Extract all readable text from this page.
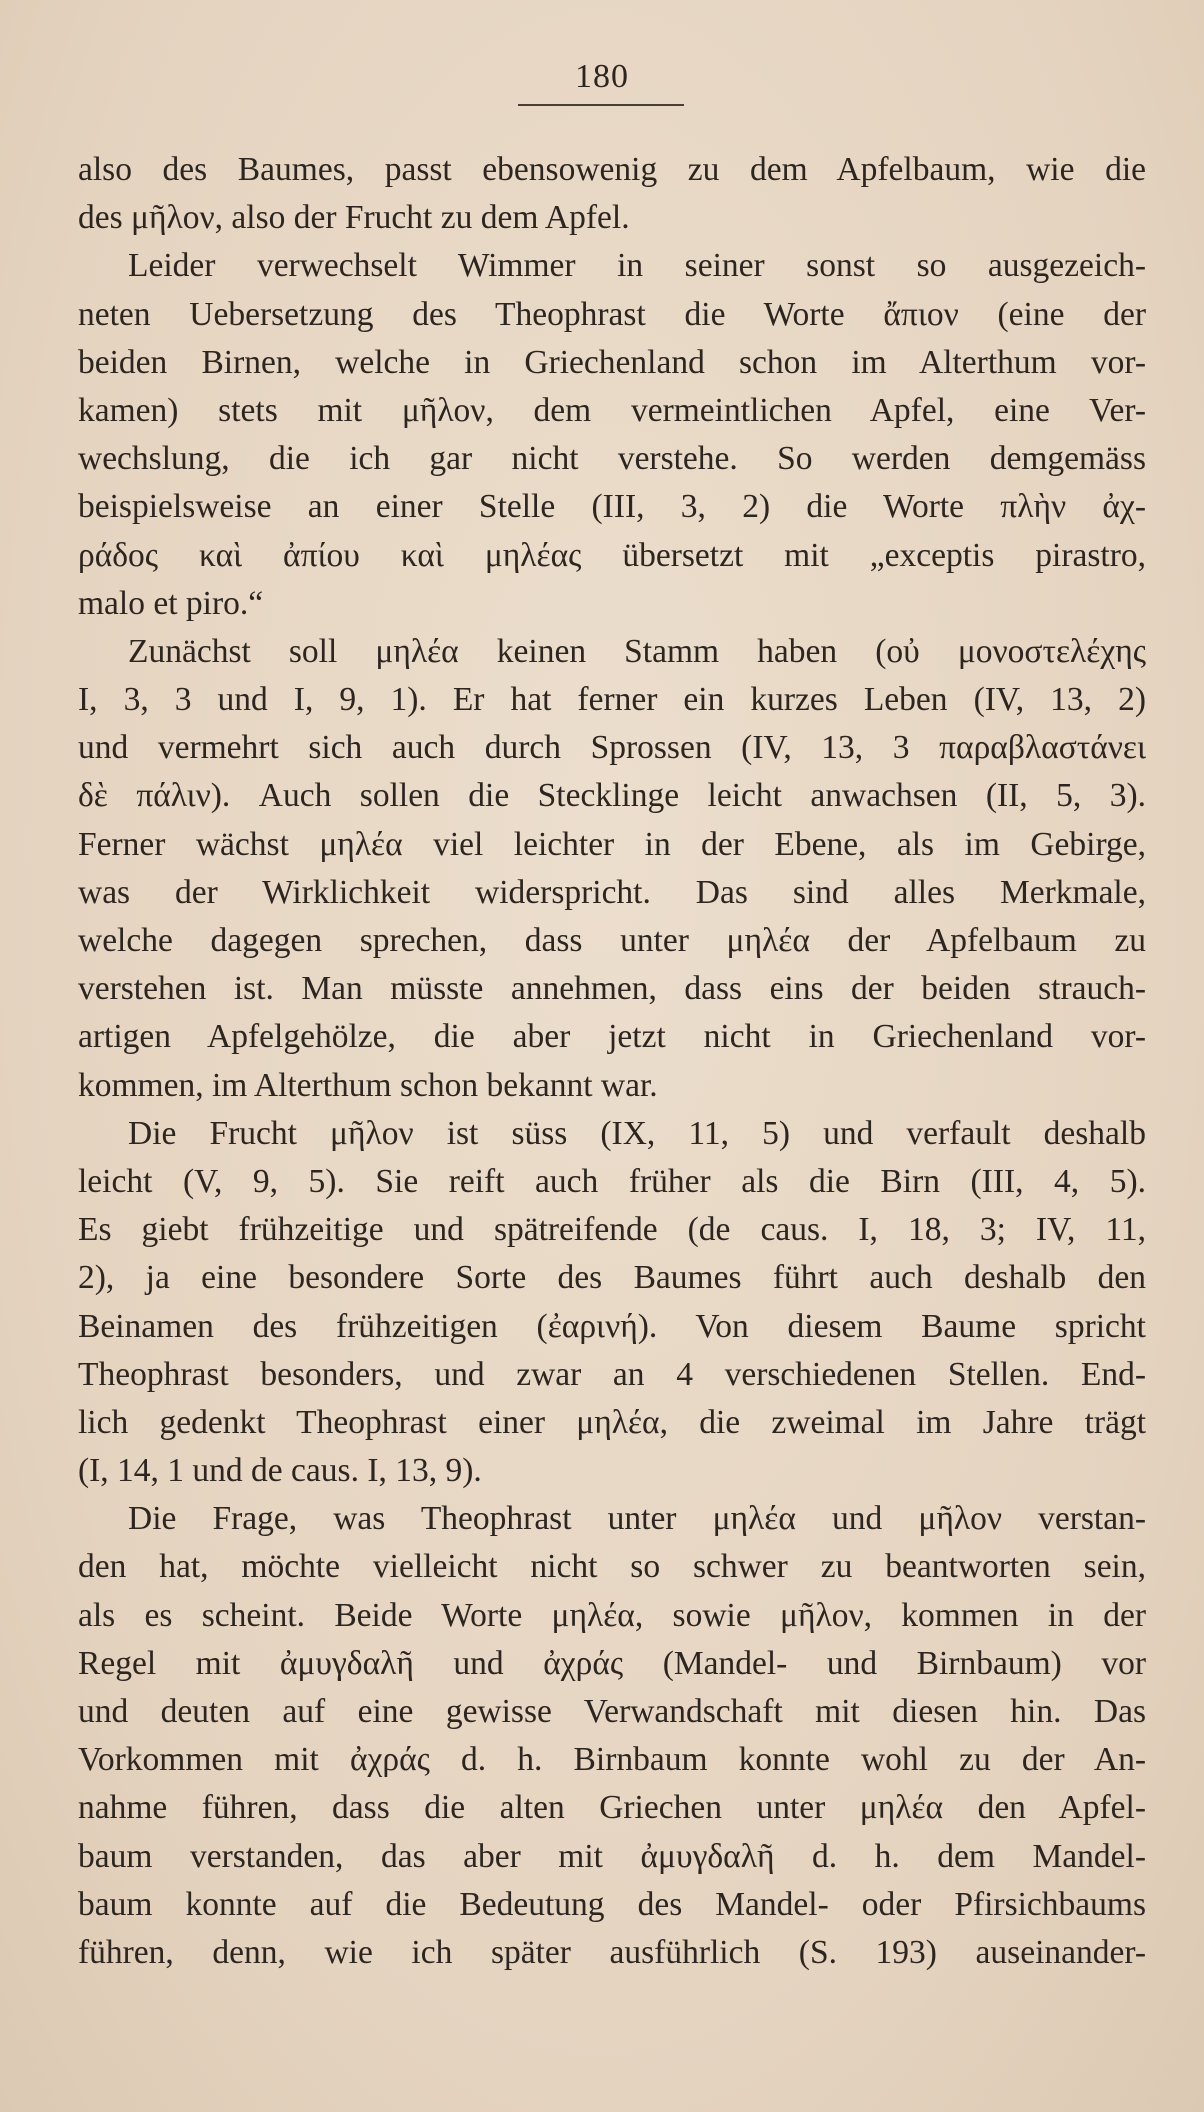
180
also des Baumes, passt ebensowenig zu dem Apfelbaum, wie die
des μῆλον, also der Frucht zu dem Apfel.
Leider verwechselt Wimmer in seiner sonst so ausgezeich-
neten Uebersetzung des Theophrast die Worte ἄπιον (eine der
beiden Birnen, welche in Griechenland schon im Alterthum vor-
kamen) stets mit μῆλον, dem vermeintlichen Apfel, eine Ver-
wechslung, die ich gar nicht verstehe. So werden demgemäss
beispielsweise an einer Stelle (III, 3, 2) die Worte πλὴν ἀχ-
ράδος καὶ ἀπίου καὶ μηλέας übersetzt mit „exceptis pirastro,
malo et piro.“
Zunächst soll μηλέα keinen Stamm haben (οὐ μονοστελέχης
I, 3, 3 und I, 9, 1). Er hat ferner ein kurzes Leben (IV, 13, 2)
und vermehrt sich auch durch Sprossen (IV, 13, 3 παραβλαστάνει
δὲ πάλιν). Auch sollen die Stecklinge leicht anwachsen (II, 5, 3).
Ferner wächst μηλέα viel leichter in der Ebene, als im Gebirge,
was der Wirklichkeit widerspricht. Das sind alles Merkmale,
welche dagegen sprechen, dass unter μηλέα der Apfelbaum zu
verstehen ist. Man müsste annehmen, dass eins der beiden strauch-
artigen Apfelgehölze, die aber jetzt nicht in Griechenland vor-
kommen, im Alterthum schon bekannt war.
Die Frucht μῆλον ist süss (IX, 11, 5) und verfault deshalb
leicht (V, 9, 5). Sie reift auch früher als die Birn (III, 4, 5).
Es giebt frühzeitige und spätreifende (de caus. I, 18, 3; IV, 11,
2), ja eine besondere Sorte des Baumes führt auch deshalb den
Beinamen des frühzeitigen (ἐαρινή). Von diesem Baume spricht
Theophrast besonders, und zwar an 4 verschiedenen Stellen. End-
lich gedenkt Theophrast einer μηλέα, die zweimal im Jahre trägt
(I, 14, 1 und de caus. I, 13, 9).
Die Frage, was Theophrast unter μηλέα und μῆλον verstan-
den hat, möchte vielleicht nicht so schwer zu beantworten sein,
als es scheint. Beide Worte μηλέα, sowie μῆλον, kommen in der
Regel mit ἀμυγδαλῆ und ἀχράς (Mandel- und Birnbaum) vor
und deuten auf eine gewisse Verwandschaft mit diesen hin. Das
Vorkommen mit ἀχράς d. h. Birnbaum konnte wohl zu der An-
nahme führen, dass die alten Griechen unter μηλέα den Apfel-
baum verstanden, das aber mit ἀμυγδαλῆ d. h. dem Mandel-
baum konnte auf die Bedeutung des Mandel- oder Pfirsichbaums
führen, denn, wie ich später ausführlich (S. 193) auseinander-
